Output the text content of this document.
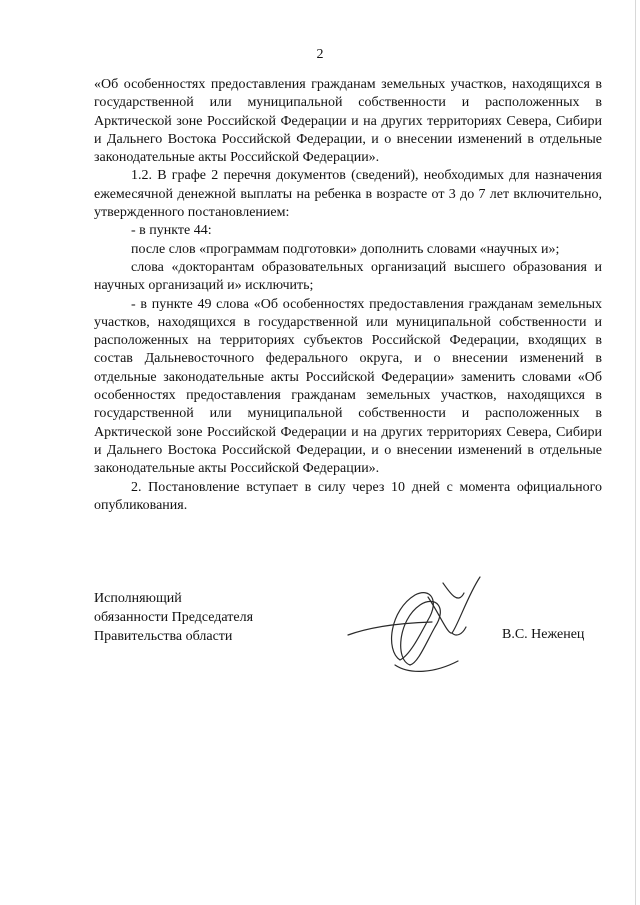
2

«Об особенностях предоставления гражданам земельных участков, находящихся в государственной или муниципальной собственности и расположенных в Арктической зоне Российской Федерации и на других территориях Севера, Сибири и Дальнего Востока Российской Федерации, и о внесении изменений в отдельные законодательные акты Российской Федерации».

1.2. В графе 2 перечня документов (сведений), необходимых для назначения ежемесячной денежной выплаты на ребенка в возрасте от 3 до 7 лет включительно, утвержденного постановлением:

- в пункте 44:

после слов «программам подготовки» дополнить словами «научных и»;

слова «докторантам образовательных организаций высшего образования и научных организаций и» исключить;

- в пункте 49 слова «Об особенностях предоставления гражданам земельных участков, находящихся в государственной или муниципальной собственности и расположенных на территориях субъектов Российской Федерации, входящих в состав Дальневосточного федерального округа, и о внесении изменений в отдельные законодательные акты Российской Федерации» заменить словами «Об особенностях предоставления гражданам земельных участков, находящихся в государственной или муниципальной собственности и расположенных в Арктической зоне Российской Федерации и на других территориях Севера, Сибири и Дальнего Востока Российской Федерации, и о внесении изменений в отдельные законодательные акты Российской Федерации».

2. Постановление вступает в силу через 10 дней с момента официального опубликования.

Исполняющий
обязанности Председателя
Правительства области	В.С. Неженец
